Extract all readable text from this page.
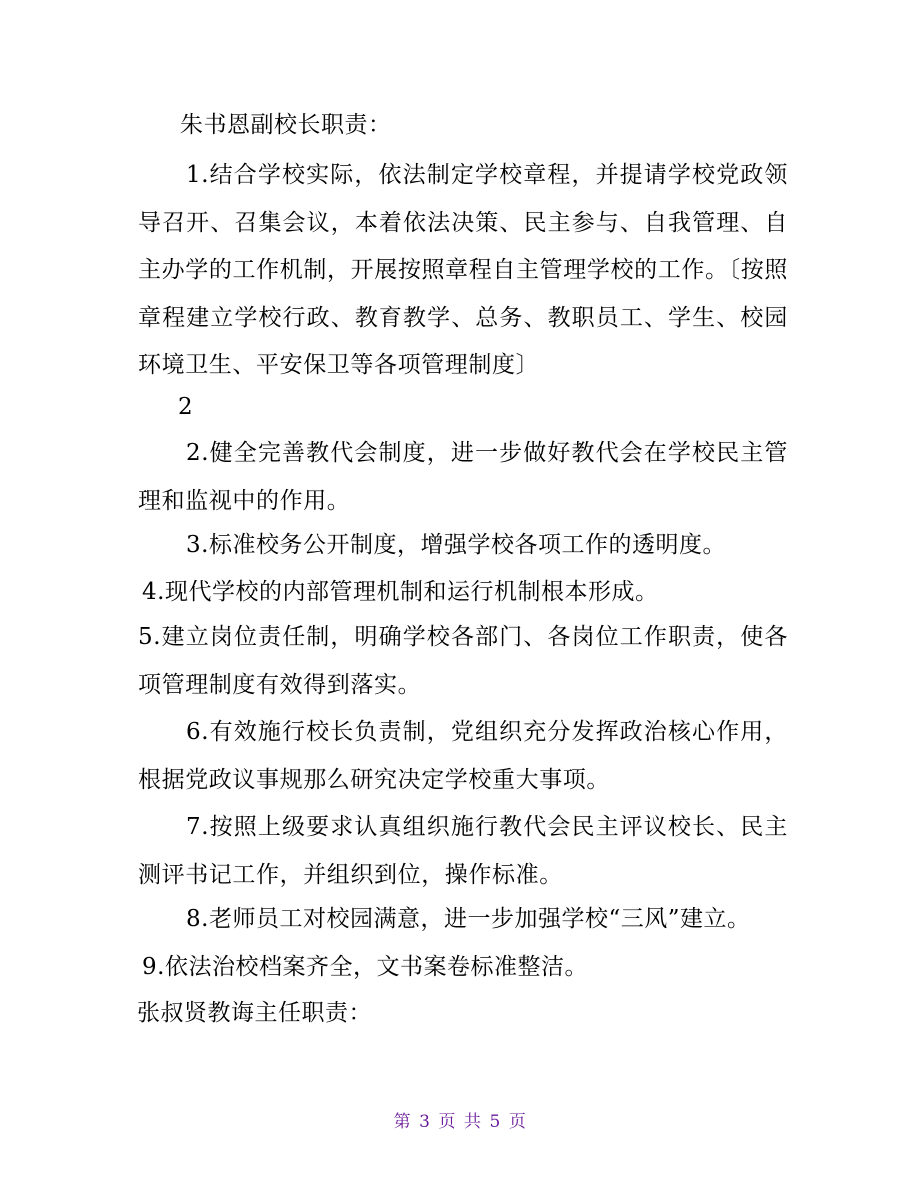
朱书恩副校长职责：
1.结合学校实际，依法制定学校章程，并提请学校党政领导召开、召集会议，本着依法决策、民主参与、自我管理、自主办学的工作机制，开展按照章程自主管理学校的工作。〔按照章程建立学校行政、教育教学、总务、教职员工、学生、校园环境卫生、平安保卫等各项管理制度〕
2
2.健全完善教代会制度，进一步做好教代会在学校民主管理和监视中的作用。
3.标准校务公开制度，增强学校各项工作的透明度。
4.现代学校的内部管理机制和运行机制根本形成。
5.建立岗位责任制，明确学校各部门、各岗位工作职责，使各项管理制度有效得到落实。
6.有效施行校长负责制，党组织充分发挥政治核心作用，根据党政议事规那么研究决定学校重大事项。
7.按照上级要求认真组织施行教代会民主评议校长、民主测评书记工作，并组织到位，操作标准。
8.老师员工对校园满意，进一步加强学校“三风”建立。
9.依法治校档案齐全，文书案卷标准整洁。
张叔贤教诲主任职责：
第 3 页 共 5 页
